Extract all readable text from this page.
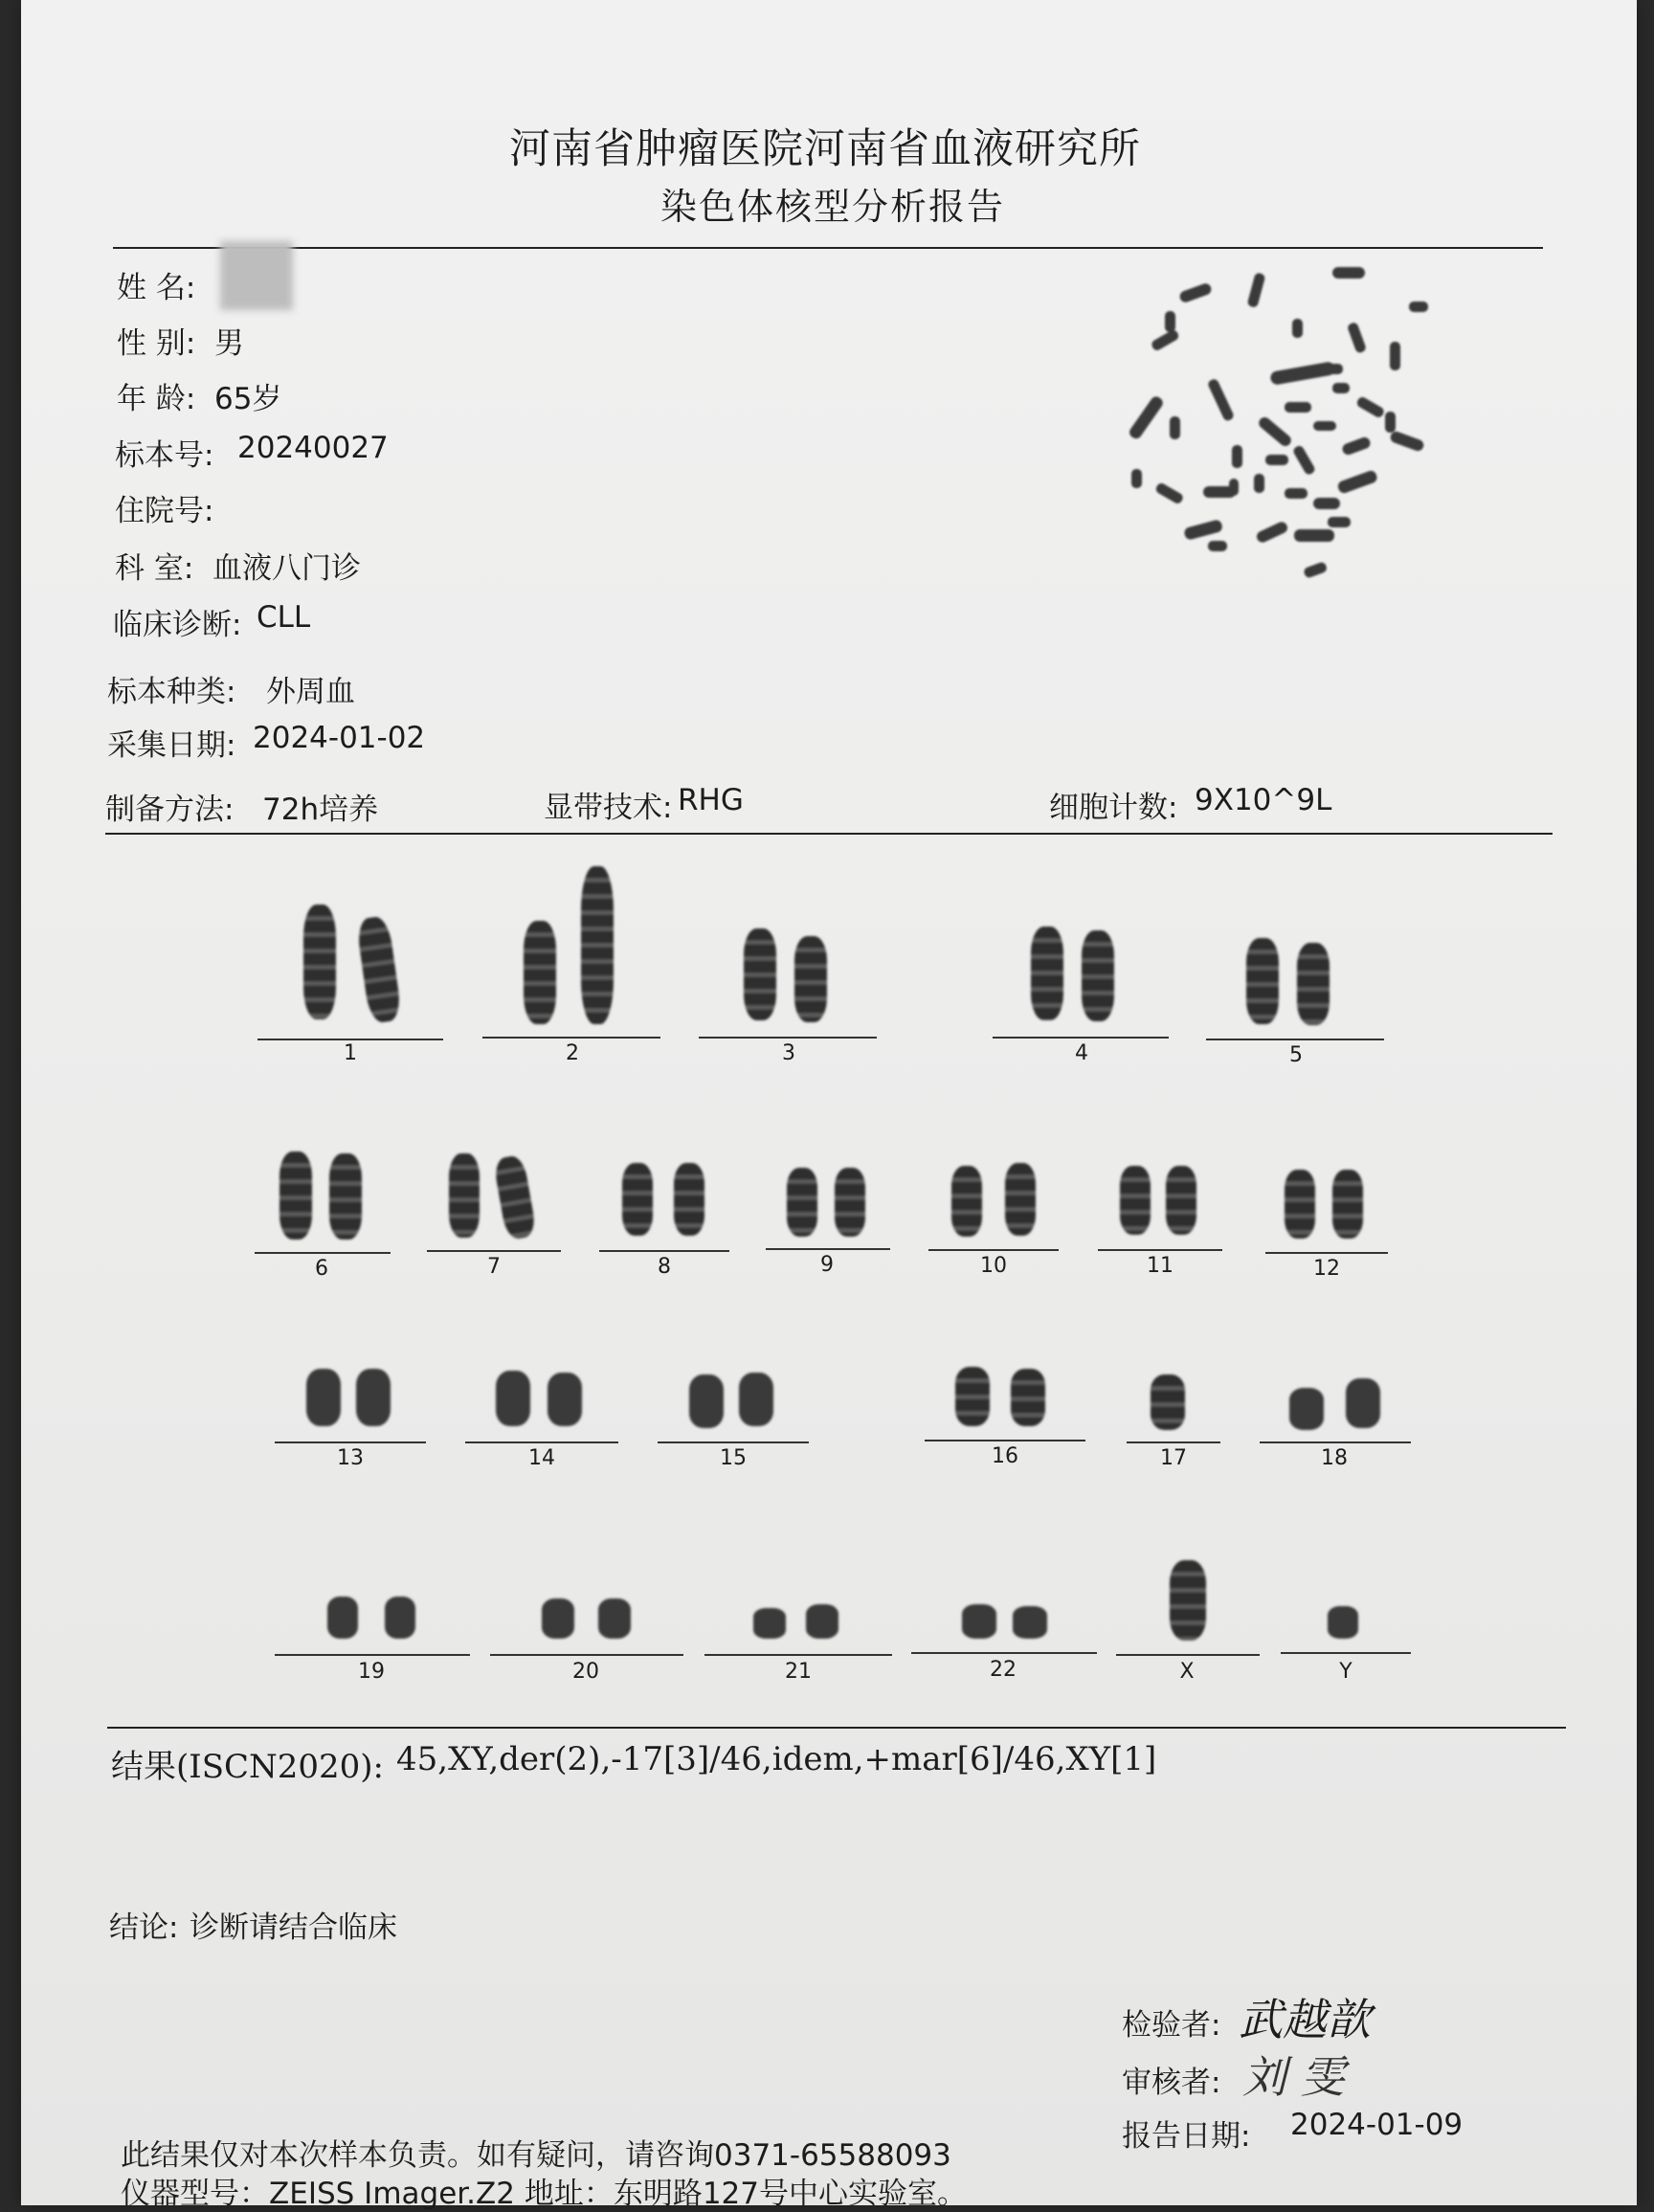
河南省肿瘤医院河南省血液研究所
染色体核型分析报告
姓 名:
性 别: 男
年 龄: 65岁
标本号: 20240027
住院号:
科 室: 血液八门诊
临床诊断: CLL
标本种类: 外周血
采集日期: 2024-01-02
制备方法: 72h培养	显带技术: RHG	细胞计数: 9X10^9L
1	2	3	4	5
6	7	8	9	10	11	12
13	14	15	16	17	18
19	20	21	22	X	Y
结果(ISCN2020): 45,XY,der(2),-17[3]/46,idem,+mar[6]/46,XY[1]
结论: 诊断请结合临床
检验者: 武越歆
审核者: 刘 雯
报告日期: 2024-01-09
此结果仅对本次样本负责。如有疑问，请咨询0371-65588093
仪器型号：ZEISS Imager.Z2 地址：东明路127号中心实验室。
